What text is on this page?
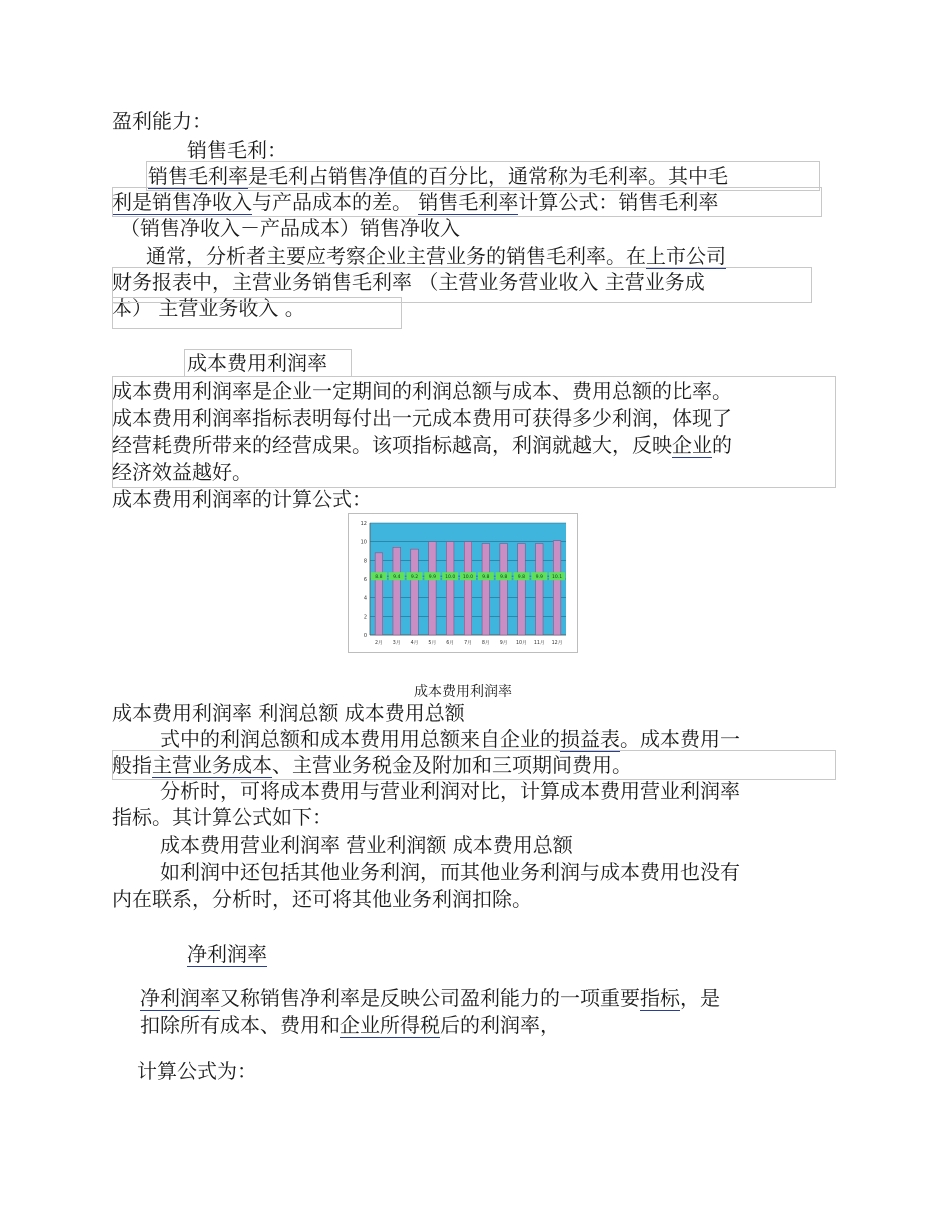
盈利能力：
销售毛利：
销售毛利率是毛利占销售净值的百分比，通常称为毛利率。其中毛
利是销售净收入与产品成本的差。 销售毛利率计算公式：销售毛利率
（销售净收入－产品成本）销售净收入
通常，分析者主要应考察企业主营业务的销售毛利率。在上市公司
财务报表中，主营业务销售毛利率 （主营业务营业收入 主营业务成
本） 主营业务收入 。
成本费用利润率
成本费用利润率是企业一定期间的利润总额与成本、费用总额的比率。
成本费用利润率指标表明每付出一元成本费用可获得多少利润，体现了
经营耗费所带来的经营成果。该项指标越高，利润就越大，反映企业的
经济效益越好。
成本费用利润率的计算公式：
0
2
4
6
8
10
12
8.8 9.4 9.2 9.9 10.0 10.0 9.8 9.8 9.8 9.9 10.1
2月 3月 4月 5月 6月 7月 8月 9月 10月 11月 12月
成本费用利润率
成本费用利润率 利润总额 成本费用总额
式中的利润总额和成本费用用总额来自企业的损益表。成本费用一
般指主营业务成本、主营业务税金及附加和三项期间费用。
分析时，可将成本费用与营业利润对比，计算成本费用营业利润率
指标。其计算公式如下：
成本费用营业利润率 营业利润额 成本费用总额
如利润中还包括其他业务利润，而其他业务利润与成本费用也没有
内在联系，分析时，还可将其他业务利润扣除。
净利润率
净利润率又称销售净利率是反映公司盈利能力的一项重要指标，是
扣除所有成本、费用和企业所得税后的利润率，
计算公式为：
